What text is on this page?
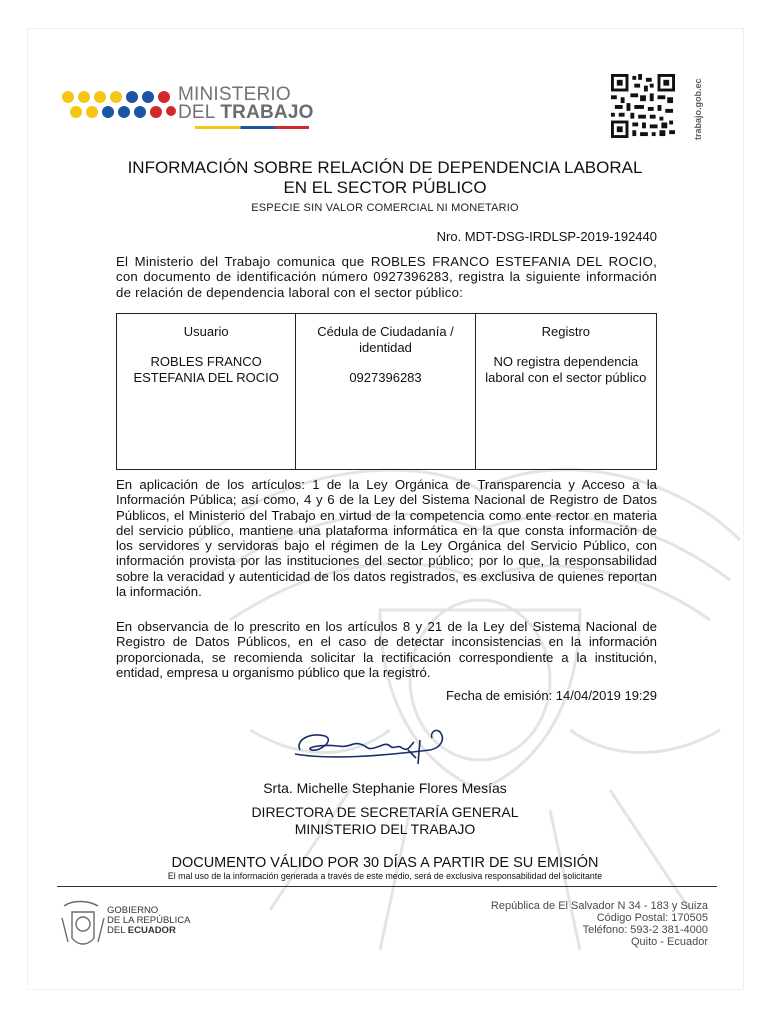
MINISTERIO
DEL TRABAJO	trabajo.gob.ec
INFORMACIÓN SOBRE RELACIÓN DE DEPENDENCIA LABORAL
EN EL SECTOR PÚBLICO
ESPECIE SIN VALOR COMERCIAL NI MONETARIO
Nro. MDT-DSG-IRDLSP-2019-192440
El Ministerio del Trabajo comunica que ROBLES FRANCO ESTEFANIA DEL ROCIO, con documento de identificación número 0927396283, registra la siguiente información de relación de dependencia laboral con el sector público:
Usuario
ROBLES FRANCO ESTEFANIA DEL ROCIO
Cédula de Ciudadanía / identidad
0927396283
Registro
NO registra dependencia laboral con el sector público
En aplicación de los artículos: 1 de la Ley Orgánica de Transparencia y Acceso a la Información Pública; así como, 4 y 6 de la Ley del Sistema Nacional de Registro de Datos Públicos, el Ministerio del Trabajo en virtud de la competencia como ente rector en materia del servicio público, mantiene una plataforma informática en la que consta información de los servidores y servidoras bajo el régimen de la Ley Orgánica del Servicio Público, con información provista por las instituciones del sector público; por lo que, la responsabilidad sobre la veracidad y autenticidad de los datos registrados, es exclusiva de quienes reportan la información.
En observancia de lo prescrito en los artículos 8 y 21 de la Ley del Sistema Nacional de Registro de Datos Públicos, en el caso de detectar inconsistencias en la información proporcionada, se recomienda solicitar la rectificación correspondiente a la institución, entidad, empresa u organismo público que la registró.
Fecha de emisión: 14/04/2019 19:29
Srta. Michelle Stephanie Flores Mesías
DIRECTORA DE SECRETARÍA GENERAL
MINISTERIO DEL TRABAJO
DOCUMENTO VÁLIDO POR 30 DÍAS A PARTIR DE SU EMISIÓN
El mal uso de la información generada a través de este medio, será de exclusiva responsabilidad del solicitante
GOBIERNO
DE LA REPÚBLICA
DEL ECUADOR
República de El Salvador N 34 - 183 y Suiza
Código Postal: 170505
Teléfono: 593-2 381-4000
Quito - Ecuador
